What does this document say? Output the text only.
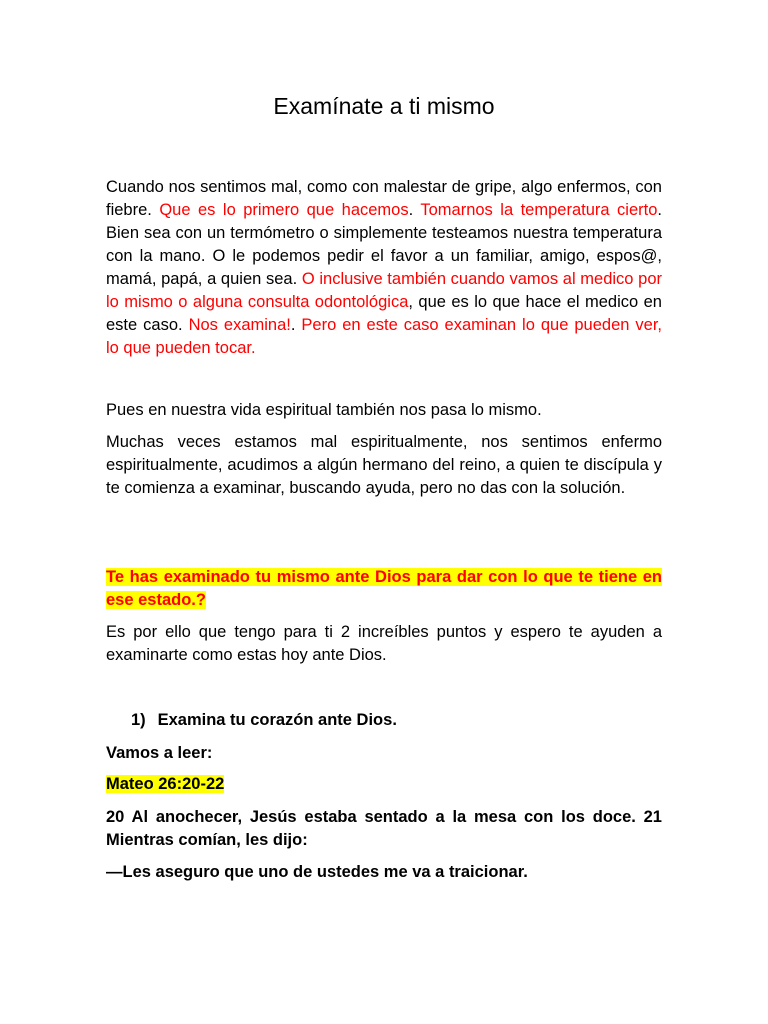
Examínate a ti mismo

Cuando nos sentimos mal, como con malestar de gripe, algo enfermos, con fiebre. Que es lo primero que hacemos. Tomarnos la temperatura cierto. Bien sea con un termómetro o simplemente testeamos nuestra temperatura con la mano. O le podemos pedir el favor a un familiar, amigo, espos@, mamá, papá, a quien sea. O inclusive también cuando vamos al medico por lo mismo o alguna consulta odontológica, que es lo que hace el medico en este caso. Nos examina!. Pero en este caso examinan lo que pueden ver, lo que pueden tocar.

Pues en nuestra vida espiritual también nos pasa lo mismo.

Muchas veces estamos mal espiritualmente, nos sentimos enfermo espiritualmente, acudimos a algún hermano del reino, a quien te discípula y te comienza a examinar, buscando ayuda, pero no das con la solución.

Te has examinado tu mismo ante Dios para dar con lo que te tiene en ese estado.?

Es por ello que tengo para ti 2 increíbles puntos y espero te ayuden a examinarte como estas hoy ante Dios.

1) Examina tu corazón ante Dios.

Vamos a leer:

Mateo 26:20-22

20 Al anochecer, Jesús estaba sentado a la mesa con los doce. 21 Mientras comían, les dijo:

—Les aseguro que uno de ustedes me va a traicionar.
